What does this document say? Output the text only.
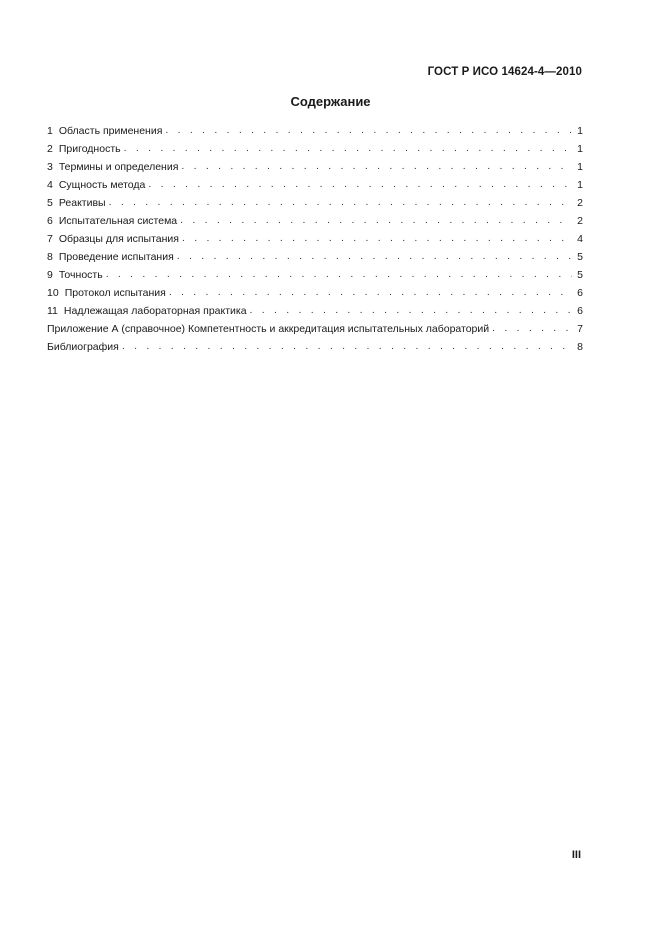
ГОСТ Р ИСО 14624-4—2010
Содержание
1 Область применения . . .	1
2 Пригодность . . .	1
3 Термины и определения . . .	1
4 Сущность метода . . .	1
5 Реактивы . . .	2
6 Испытательная система . . .	2
7 Образцы для испытания . . .	4
8 Проведение испытания . . .	5
9 Точность . . .	5
10 Протокол испытания . . .	6
11 Надлежащая лабораторная практика . . .	6
Приложение А (справочное) Компетентность и аккредитация испытательных лабораторий . . .	7
Библиография . . .	8
III
